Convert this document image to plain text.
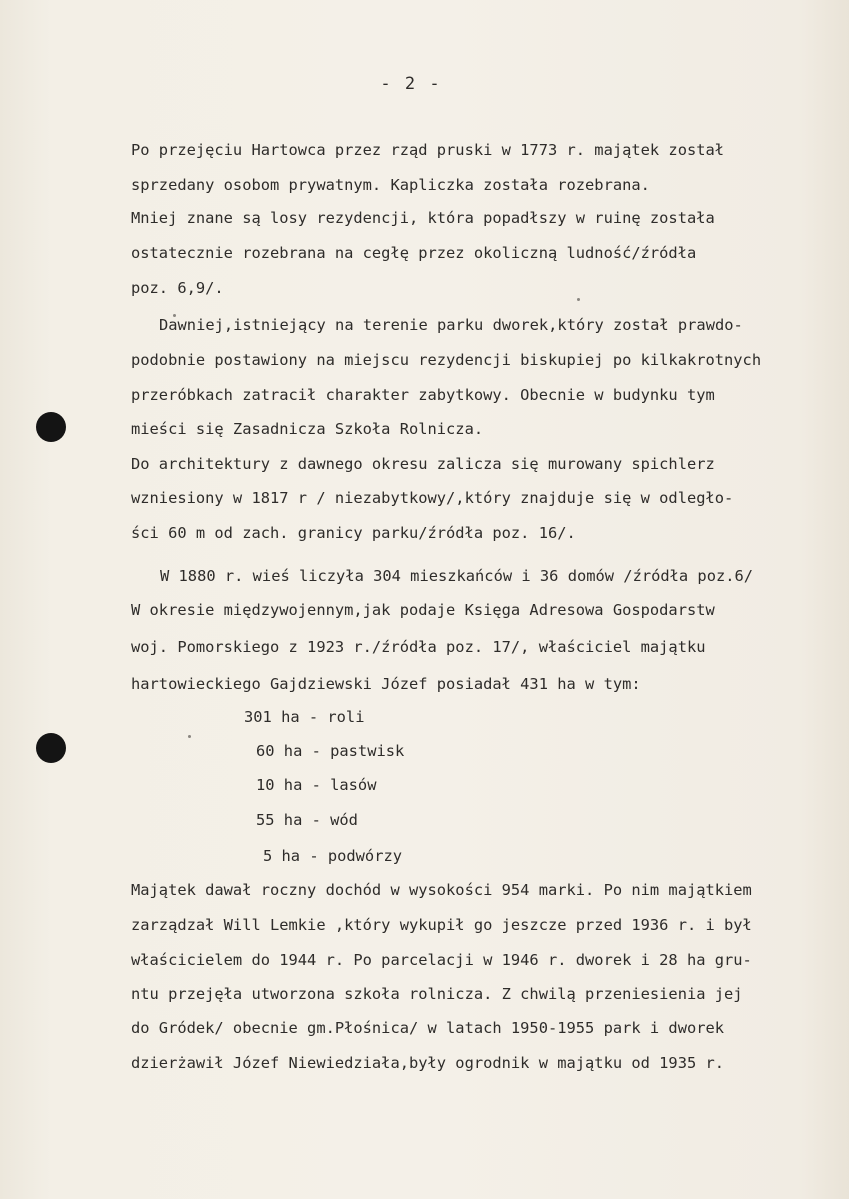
- 2 -
Po przejęciu Hartowca przez rząd pruski w 1773 r. majątek został
sprzedany osobom prywatnym. Kapliczka została rozebrana.
Mniej znane są losy rezydencji, która popadłszy w ruinę została
ostatecznie rozebrana na cegłę przez okoliczną ludność/źródła
poz. 6,9/.
Dawniej,istniejący na terenie parku dworek,który został prawdo-
podobnie postawiony na miejscu rezydencji biskupiej po kilkakrotnych
przeróbkach zatracił charakter zabytkowy. Obecnie w budynku tym
mieści się Zasadnicza Szkoła Rolnicza.
Do architektury z dawnego okresu zalicza się murowany spichlerz
wzniesiony w 1817 r / niezabytkowy/,który znajduje się w odległo-
ści 60 m od zach. granicy parku/źródła poz. 16/.
W 1880 r. wieś liczyła 304 mieszkańców i 36 domów /źródła poz.6/
W okresie międzywojennym,jak podaje Księga Adresowa Gospodarstw
woj. Pomorskiego z 1923 r./źródła poz. 17/, właściciel majątku
hartowieckiego Gajdziewski Józef posiadał 431 ha w tym:
301 ha - roli
60 ha - pastwisk
10 ha - lasów
55 ha - wód
5 ha - podwórzy
Majątek dawał roczny dochód w wysokości 954 marki. Po nim majątkiem
zarządzał Will Lemkie ,który wykupił go jeszcze przed 1936 r. i był
właścicielem do 1944 r. Po parcelacji w 1946 r. dworek i 28 ha gru-
ntu przejęła utworzona szkoła rolnicza. Z chwilą przeniesienia jej
do Gródek/ obecnie gm.Płośnica/ w latach 1950-1955 park i dworek
dzierżawił Józef Niewiedziała,były ogrodnik w majątku od 1935 r.
